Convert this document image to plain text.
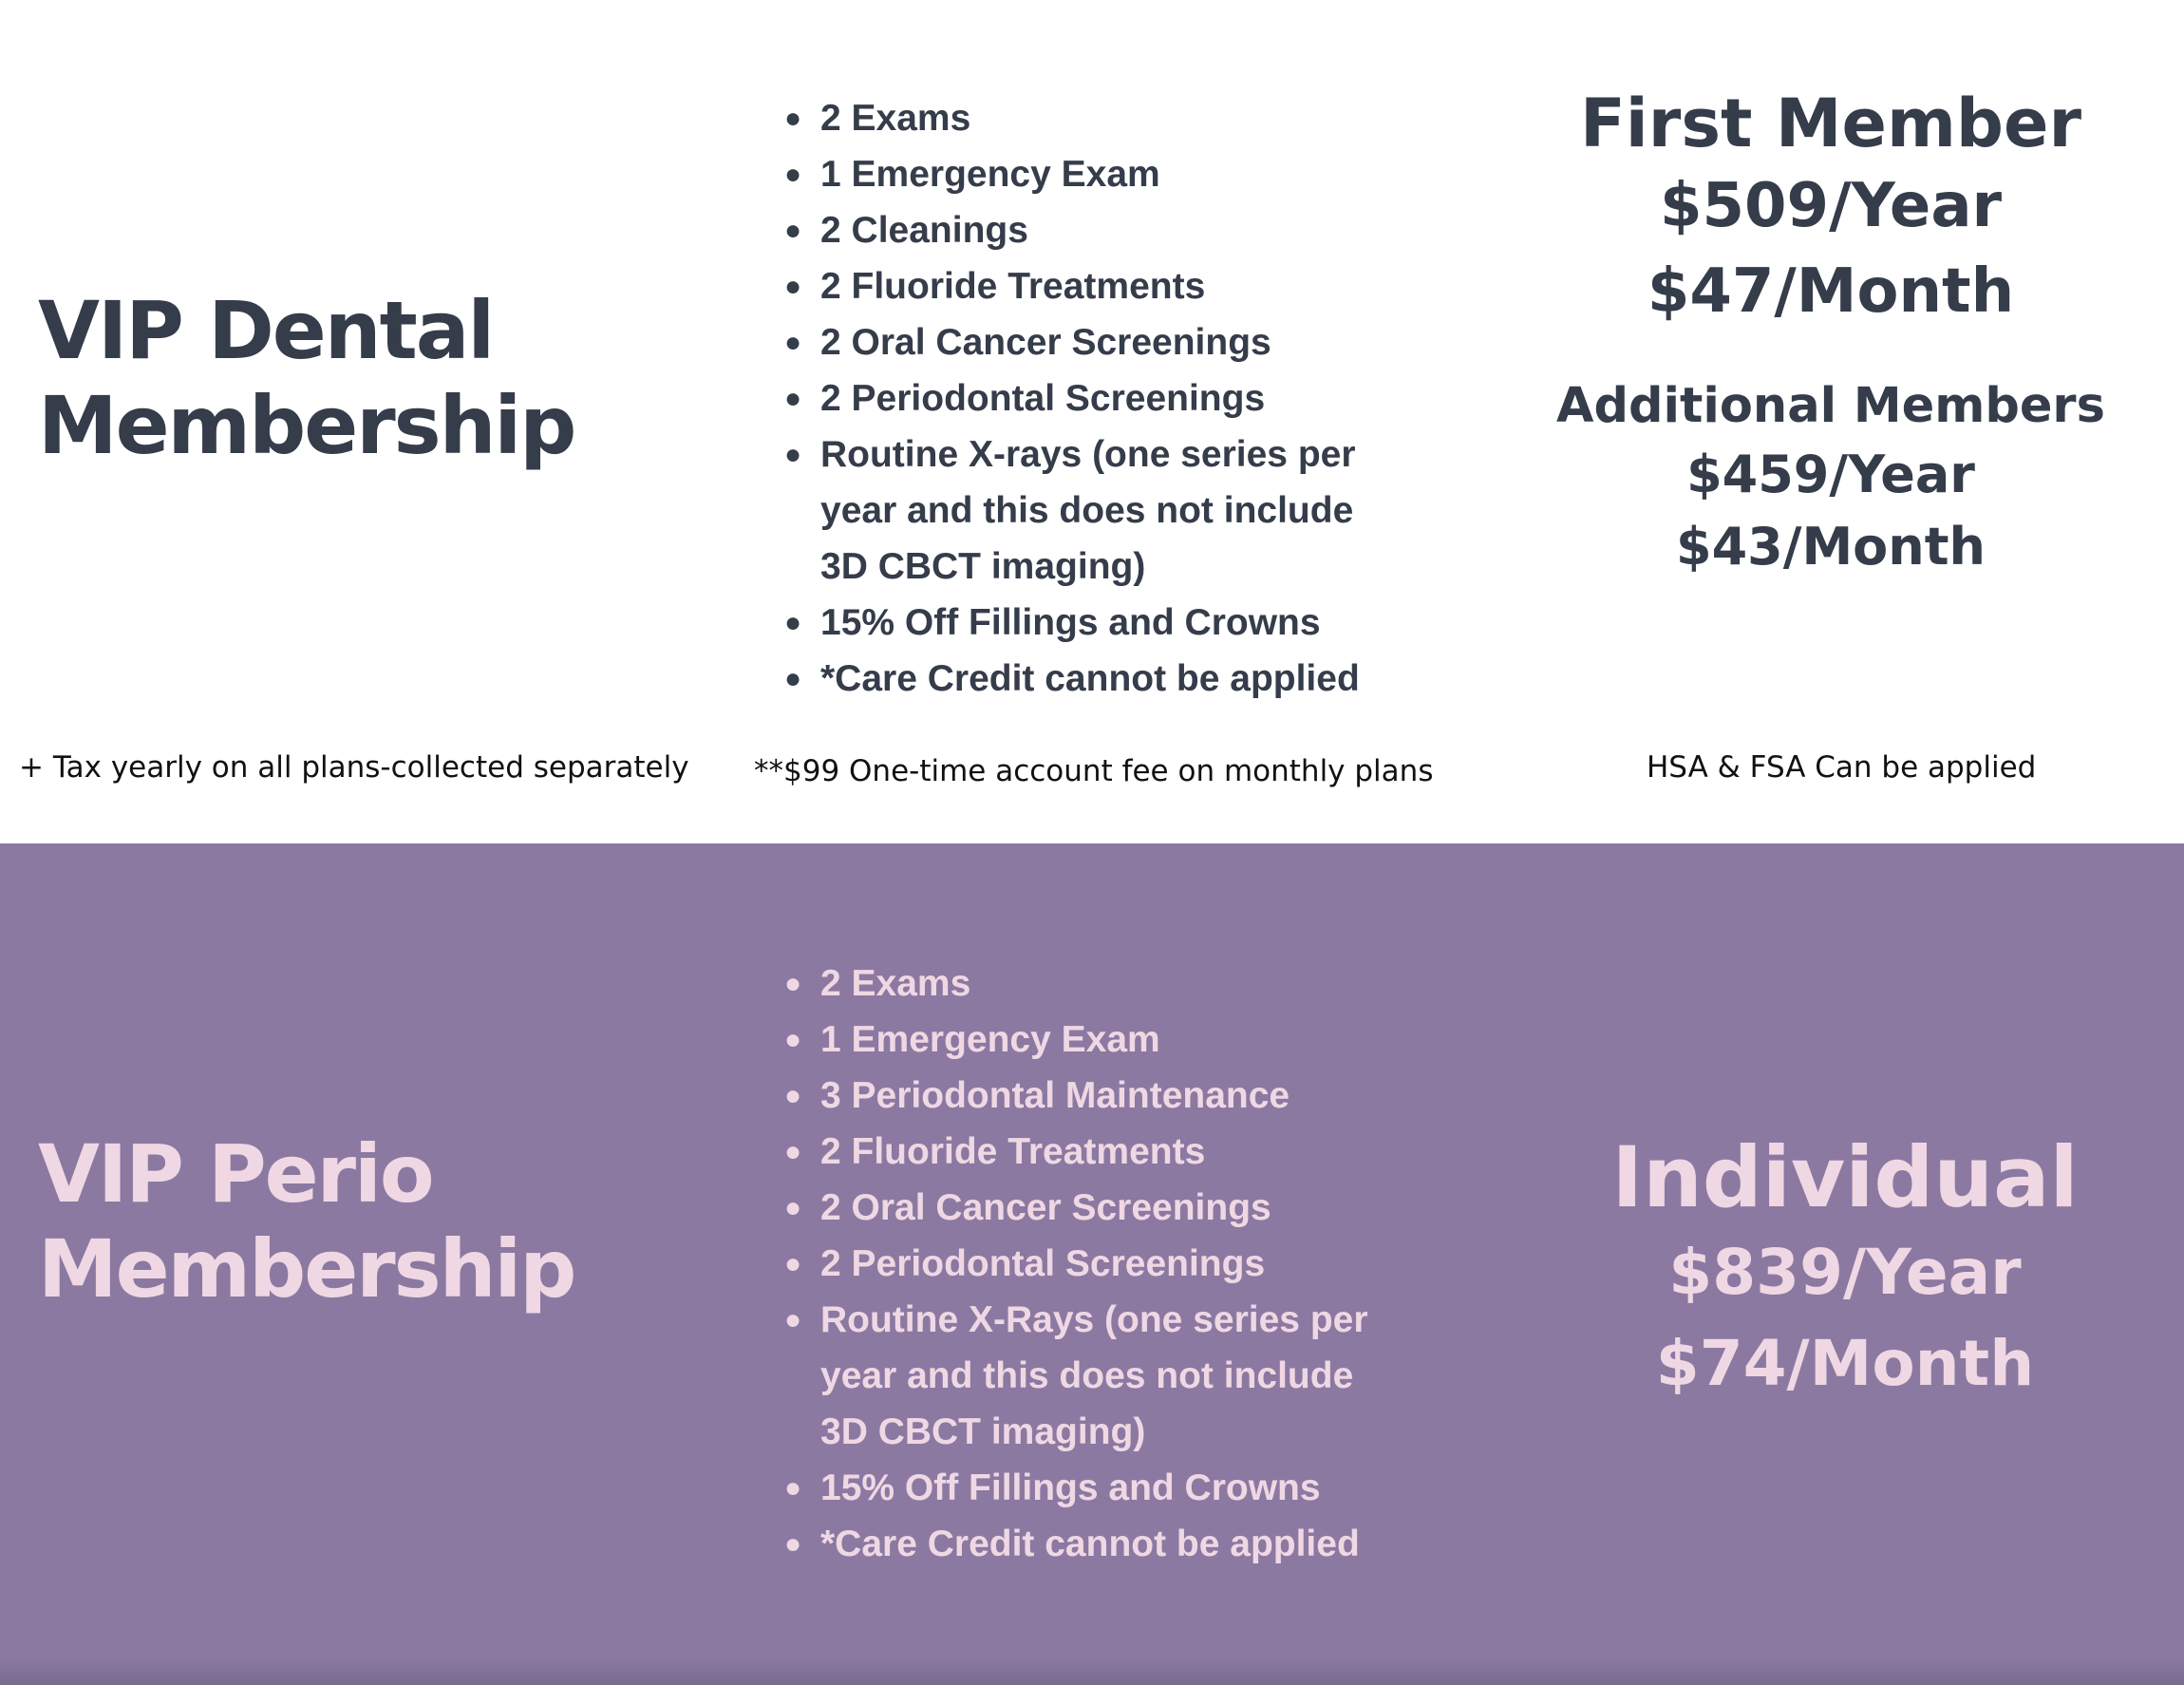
VIP Dental
Membership
● 2 Exams
● 1 Emergency Exam
● 2 Cleanings
● 2 Fluoride Treatments
● 2 Oral Cancer Screenings
● 2 Periodontal Screenings
● Routine X-rays (one series per year and this does not include 3D CBCT imaging)
● 15% Off Fillings and Crowns
● *Care Credit cannot be applied
First Member
$509/Year
$47/Month
Additional Members
$459/Year
$43/Month
+ Tax yearly on all plans-collected separately **$99 One-time account fee on monthly plans	HSA & FSA Can be applied
VIP Perio
Membership
● 2 Exams
● 1 Emergency Exam
● 3 Periodontal Maintenance
● 2 Fluoride Treatments
● 2 Oral Cancer Screenings
● 2 Periodontal Screenings
● Routine X-Rays (one series per year and this does not include 3D CBCT imaging)
● 15% Off Fillings and Crowns
● *Care Credit cannot be applied
Individual
$839/Year
$74/Month
